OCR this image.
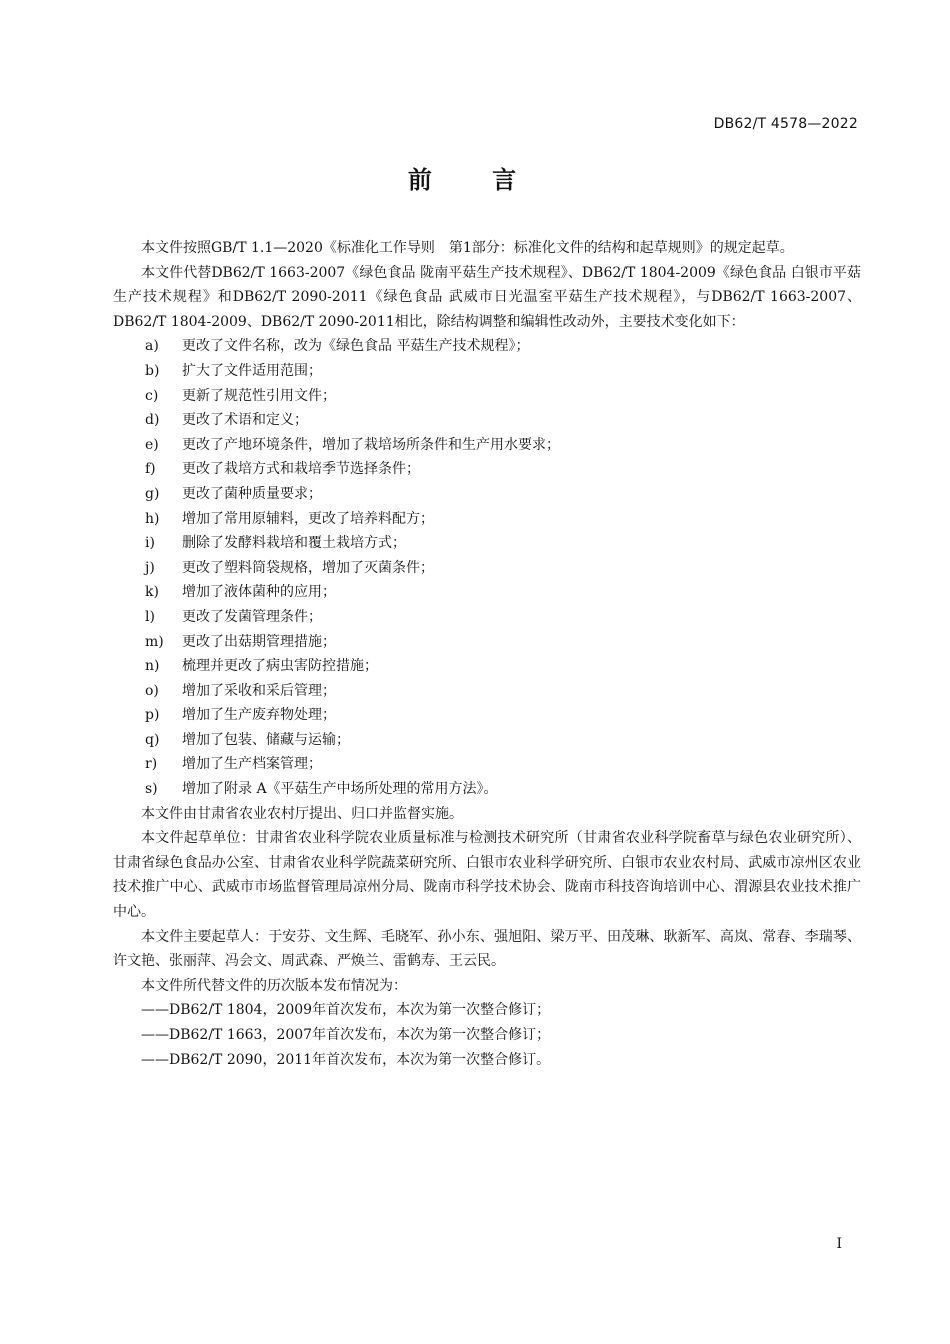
DB62/T 4578—2022
前 言

本文件按照GB/T 1.1—2020《标准化工作导则　第1部分：标准化文件的结构和起草规则》的规定起草。

本文件代替DB62/T 1663-2007《绿色食品 陇南平菇生产技术规程》、DB62/T 1804-2009《绿色食品 白银市平菇生产技术规程》和DB62/T 2090-2011《绿色食品 武威市日光温室平菇生产技术规程》，与DB62/T 1663-2007、DB62/T 1804-2009、DB62/T 2090-2011相比，除结构调整和编辑性改动外，主要技术变化如下：

a)	更改了文件名称，改为《绿色食品 平菇生产技术规程》；
b)	扩大了文件适用范围；
c)	更新了规范性引用文件；
d)	更改了术语和定义；
e)	更改了产地环境条件，增加了栽培场所条件和生产用水要求；
f)	更改了栽培方式和栽培季节选择条件；
g)	更改了菌种质量要求；
h)	增加了常用原辅料，更改了培养料配方；
i)	删除了发酵料栽培和覆土栽培方式；
j)	更改了塑料筒袋规格，增加了灭菌条件；
k)	增加了液体菌种的应用；
l)	更改了发菌管理条件；
m)	更改了出菇期管理措施；
n)	梳理并更改了病虫害防控措施；
o)	增加了采收和采后管理；
p)	增加了生产废弃物处理；
q)	增加了包装、储藏与运输；
r)	增加了生产档案管理；
s)	增加了附录 A《平菇生产中场所处理的常用方法》。

本文件由甘肃省农业农村厅提出、归口并监督实施。

本文件起草单位：甘肃省农业科学院农业质量标准与检测技术研究所（甘肃省农业科学院畜草与绿色农业研究所）、甘肃省绿色食品办公室、甘肃省农业科学院蔬菜研究所、白银市农业科学研究所、白银市农业农村局、武威市凉州区农业技术推广中心、武威市市场监督管理局凉州分局、陇南市科学技术协会、陇南市科技咨询培训中心、渭源县农业技术推广中心。

本文件主要起草人：于安芬、文生辉、毛晓军、孙小东、强旭阳、梁万平、田茂琳、耿新军、高岚、常春、李瑞琴、许文艳、张丽萍、冯会文、周武森、严焕兰、雷鹤寿、王云民。

本文件所代替文件的历次版本发布情况为：

——DB62/T 1804，2009年首次发布，本次为第一次整合修订；
——DB62/T 1663，2007年首次发布，本次为第一次整合修订；
——DB62/T 2090，2011年首次发布，本次为第一次整合修订。
I
